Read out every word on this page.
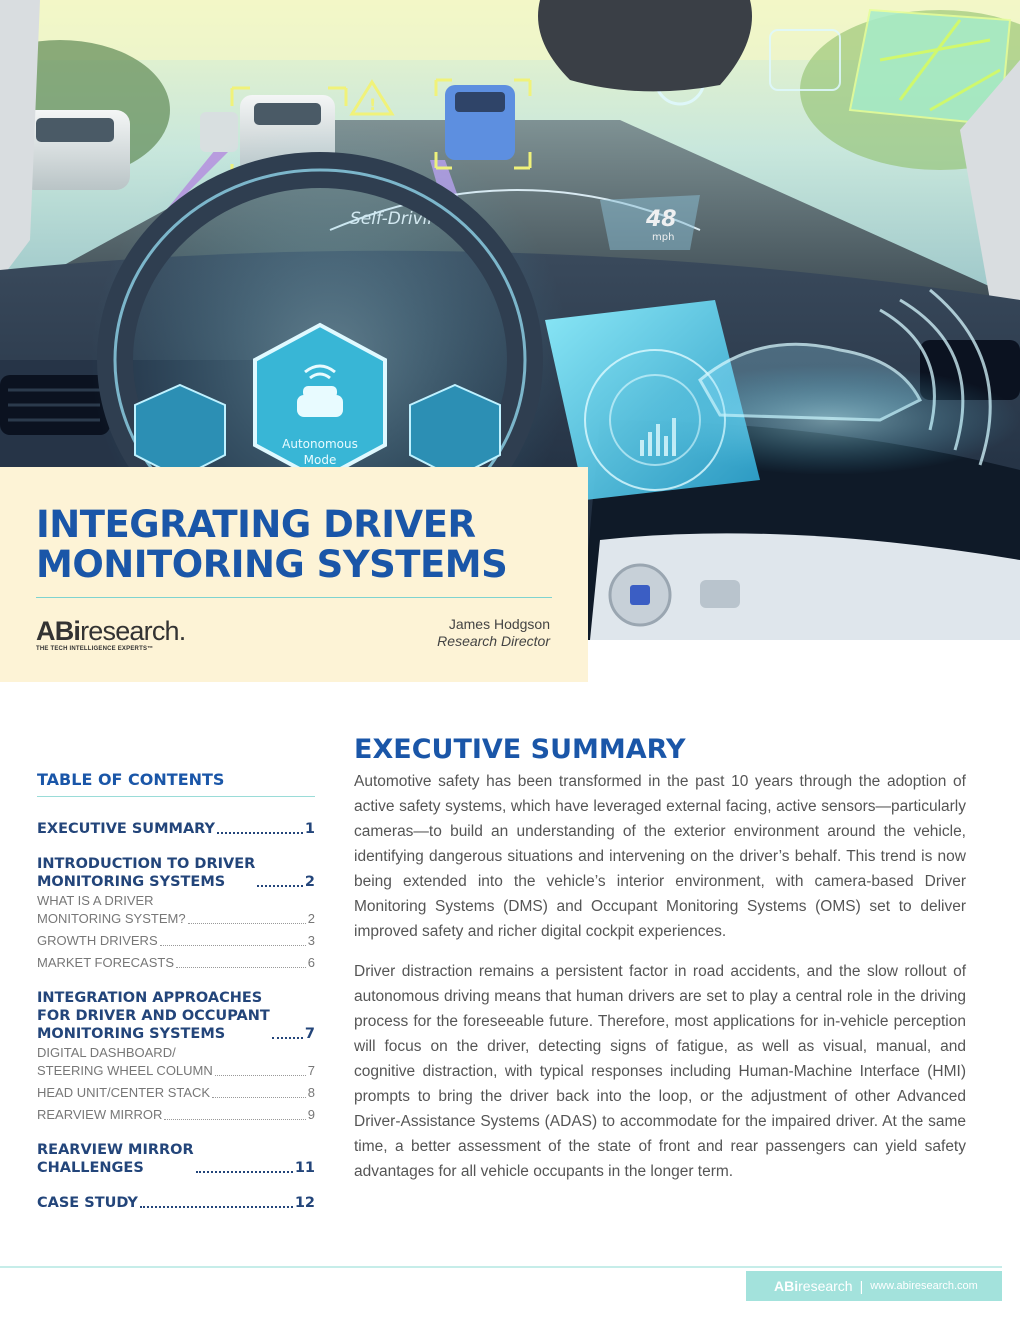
!
Self-Driving	48
mph
Autonomous
Mode
INTEGRATING DRIVER MONITORING SYSTEMS
ABiresearch.
THE TECH INTELLIGENCE EXPERTS™
James Hodgson
Research Director
TABLE OF CONTENTS
EXECUTIVE SUMMARY	1
INTRODUCTION TO DRIVER
MONITORING SYSTEMS	2
WHAT IS A DRIVER
MONITORING SYSTEM?	2
GROWTH DRIVERS	3
MARKET FORECASTS	6
INTEGRATION APPROACHES
FOR DRIVER AND OCCUPANT
MONITORING SYSTEMS	7
DIGITAL DASHBOARD/
STEERING WHEEL COLUMN	7
HEAD UNIT/CENTER STACK	8
REARVIEW MIRROR	9
REARVIEW MIRROR
CHALLENGES	11
CASE STUDY	12
EXECUTIVE SUMMARY

Automotive safety has been transformed in the past 10 years through the adoption of active safety systems, which have leveraged external facing, active sensors—particularly cameras—to build an understanding of the exterior environment around the vehicle, identifying dangerous situations and intervening on the driver’s behalf. This trend is now being extended into the vehicle’s interior environment, with camera-based Driver Monitoring Systems (DMS) and Occupant Monitoring Systems (OMS) set to deliver improved safety and richer digital cockpit experiences.

Driver distraction remains a persistent factor in road accidents, and the slow rollout of autonomous driving means that human drivers are set to play a central role in the driving process for the foreseeable future. Therefore, most applications for in-vehicle perception will focus on the driver, detecting signs of fatigue, as well as visual, manual, and cognitive distraction, with typical responses including Human-Machine Interface (HMI) prompts to bring the driver back into the loop, or the adjustment of other Advanced Driver-Assistance Systems (ADAS) to accommodate for the impaired driver. At the same time, a better assessment of the state of front and rear passengers can yield safety advantages for all vehicle occupants in the longer term.

ABiresearch | www.abiresearch.com
